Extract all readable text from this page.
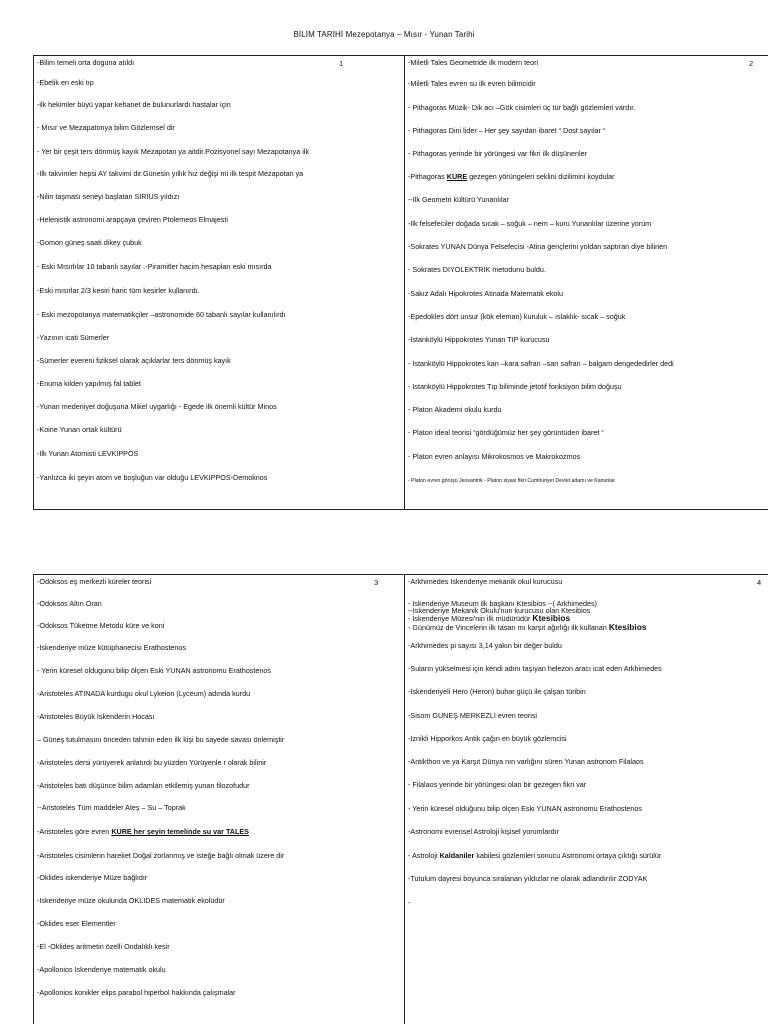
BİLİM TARİHİ Mezepotanya – Mısır - Yunan Tarihi
1
-Bilim temeli orta doguna atıldı
-Ebelik en eski tıp
-ilk hekimler büyü yapar kehanet de bulunurlardı hastalar için
- Mısır ve Mezapatonya bilim Gözlemsel dir
- Yer bir çeşit ters dönmüş kayık Mezapotan ya aitdir.Pozisyonel sayı Mezapotanya ilk
-İlk takvimler hepsi AY takvimi dir.Günesin yıllık hız değişi mi ilk tespit Mezapotan ya
-Nilin taşması seneyi başlatan SİRİUS yıldızı
-Helenistik astronomi arapçaya çeviren Ptolemeos Elmajesti
-Gomon güneş saati dikey çubuk
- Eski Mısırlılar 10 tabanlı sayılar .-Piramitler hacim hesapları eski mısırda
-Eski mısırlar 2/3 kesiri haric tüm kesirler kullanırdı.
- Eski mezopotanya matematikçiler –astronomide 60 tabanlı sayılar kullanılırdı
-Yazının icati Sümerler
-Sümerler evereni fiziksel olarak açıklarlar ters dönmüş kayık
-Enuma kilden yapılmış fal tablet
-Yunan medeniyet doğuşuna Mikel uygarlığı - Egede ilk önemli kültür Minos
-Koine Yunan ortak kültürü
-İlk Yunan Atomisti LEVKİPPOS
-Yanlızca iki şeyin atom ve boşluğun var olduğu LEVKİPPOS-Demokrios
2
-Miletli Tales Geometride ilk modern teori
-Miletli Tales evren su ilk evren bilimcidir
- Pithagoras Müzik- Dik acı –Gök cisimleri üç tür bağlı gözlemleri vardır.
- Pithagoras Dini lider – Her şey sayıdan ibaret “ Dost sayılar “
- Pithagoras yerinde bir yörüngesi var fikri ilk düşünenler
-Pithagoras KÜRE gezegen yörüngeleri seklini dizilimini koydular
--İlk Geometri kültürü Yunanlılar
-İlk felsefeciler doğada sıcak – soğuk – nem – kuru Yunanlılar üzerine yorum
-Sokrates YUNAN Dünya Felsefecisi -Atina gençlerini yoldan saptıran diye bilinen
- Sokrates DİYOLEKTRİK metodunu buldu.
-Sakız Adalı Hipokrotes Atinada Matematik ekolu
-Epedokles dört unsur (kök eleman) kuruluk – ıslaklık- sıcak – soğuk
-İstanköylü Hippokrotes Yunan TIP kurucusu
- İstanköylü Hippokrotes kan –kara safran –sarı safran – balgam dengededirler dedi
- İstanköylü Hippokrotes Tıp biliminde jetotif fonksiyon bilim doğuşu
- Platon Akademi okulu kurdu
- Platon ideal teorisi “gördüğümüz her şey görüntüden ibaret “
- Platon evren anlayısı Mikrokosmos ve Makrokozmos
- Platon evren görüşü Jeosantrik - Platon siyasi fikri Cumhuriyet Devlet adamı ve Kanunlar
3
-Ödoksos eş merkezli küreler teorisi
-Ödoksos Altın Oran
-Ödoksos Tüketme Metodu küre ve koni
-İskenderiye müze kütüphanecisi Erathostenos
- Yerin küresel oldugunu bilip ölçen Eski YUNAN astronomu Erathostenos
-Aristoteles ATİNADA kurdugu okul Lykeion (Lyceum) adında kurdu
-Aristoteles Büyük İskenderin Hocası
– Güneş tutulmasını önceden tahmin eden ilk kişi bu sayede savası önlemiştir
-Aristoteles dersi yürüyerek anlatırdı bu yüzden Yürüyenle r olarak bilinir
-Aristoteles batı düşünce bilim adamları etkilemiş yunan filozofudur
--Aristoteles Tüm maddeler Ateş – Su – Toprak
-Aristoteles göre evren KÜRE her şeyin temelinde su var TALES
-Aristoteles cisimlerin hareket Doğal zorlanmış ve isteğe bağlı olmak üzere dir
-Öklides iskenderiye Müze bağlıdır
-İskenderiye müze okulunda ÖKLİDES matematik ekolüdür
-Öklides eser Elementler
-El -Öklides aritmetin özelli Ondalıklı kesir
-Apollonios İskenderiye matematik okulu
-Apollonios konikler elips parabol hiperbol hakkında çalışmalar
4
-Arkhimedes İskenderiye mekanik okul kurucusu
- İskenderiye Museum ilk başkanı Ktesibios --( Arkhimedes)
--İskenderiye Mekanik Okulu'nun kurucusu olan Ktesibios
- İskenderiye Müzesi'nin ilk müdürüdür Ktesibios
- Günümüz de Vincelerin ilk tasarı mı karşıt ağırlığı ilk kullanan Ktesibios
-Arkhimedes pi sayısı 3,14 yakın bir değer buldu
-Suların yükselmesi için kendi adını taşıyan helezon aracı icat eden Arkhimedes
-İskenderiyeli Hero (Heron) buhar güçü ile çalşan türibin
-Sisom GÜNEŞ MERKEZLİ evren teorisi
-İznikli Hipporkos Antik çağın en büyük gözlemcisi
-Antikthon ve ya Karşıt Dünya nın varlığını süren Yunan astronom Filalaos
- Filalaos yerinde bir yörüngesi olan bir gezegen fikri var
- Yerin küresel olduğunu bilip ölçen Eski YUNAN astronomu Erathostenos
-Astronomi evrensel Astroloji kişisel yorumlardır
- Astroloji Kaldaniler kabilesi gözlemleri sonucu Astronomi ortaya çıktığı sürülür
-Tutulum dayresi boyunca sıralanan yıldızlar ne olarak adlandırılır ZODYAK
-
